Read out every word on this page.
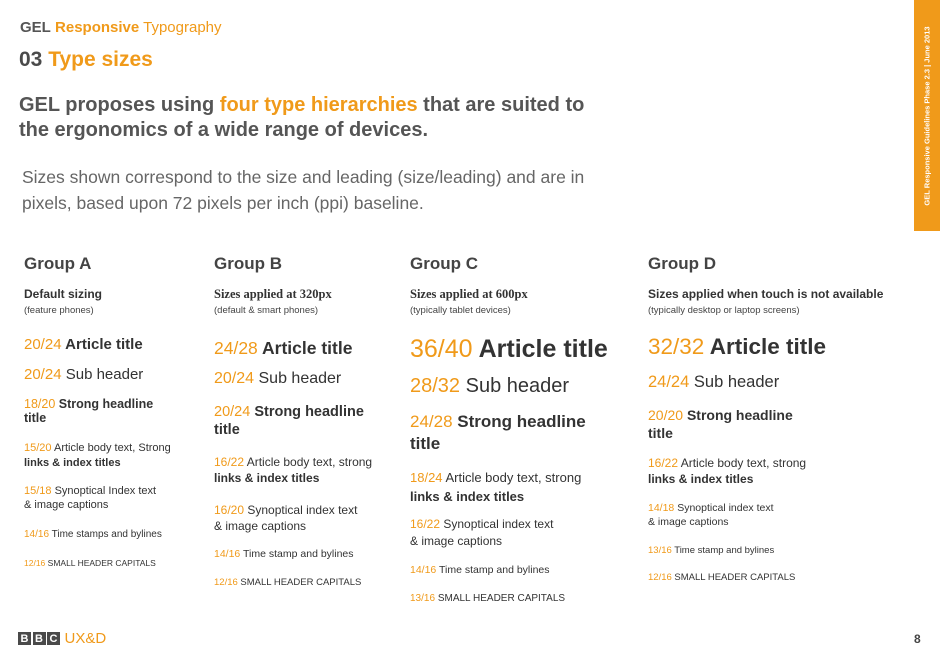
GEL Responsive Typography
03 Type sizes
GEL proposes using four type hierarchies that are suited to the ergonomics of a wide range of devices.
Sizes shown correspond to the size and leading (size/leading) and are in pixels, based upon 72 pixels per inch (ppi) baseline.	GEL Responsive Guidelines Phase 2.3 | June 2013
Group A
Default sizing
(feature phones)
20/24 Article title
20/24 Sub header
18/20 Strong headline
title
15/20 Article body text, Strong
links & index titles
15/18 Synoptical Index text
& image captions
14/16 Time stamps and bylines
12/16 SMALL HEADER CAPITALS
Group B
Sizes applied at 320px
(default & smart phones)
24/28 Article title
20/24 Sub header
20/24 Strong headline
title
16/22 Article body text, strong
links & index titles
16/20 Synoptical index text
& image captions
14/16 Time stamp and bylines
12/16 SMALL HEADER CAPITALS
Group C
Sizes applied at 600px
(typically tablet devices)
36/40 Article title
28/32 Sub header
24/28 Strong headline
title
18/24 Article body text, strong
links & index titles
16/22 Synoptical index text
& image captions
14/16 Time stamp and bylines
13/16 SMALL HEADER CAPITALS
Group D
Sizes applied when touch is not available
(typically desktop or laptop screens)
32/32 Article title
24/24 Sub header
20/20 Strong headline
title
16/22 Article body text, strong
links & index titles
14/18 Synoptical index text
& image captions
13/16 Time stamp and bylines
12/16 SMALL HEADER CAPITALS
B B C UX&D	8
